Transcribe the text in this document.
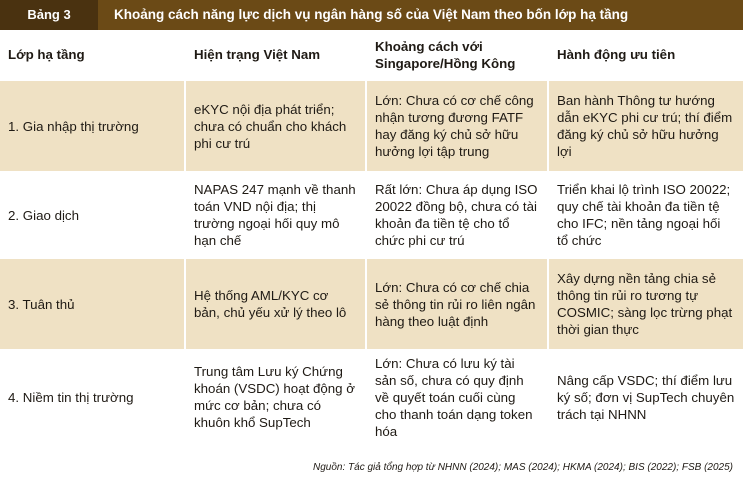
Bảng 3	Khoảng cách năng lực dịch vụ ngân hàng số của Việt Nam theo bốn lớp hạ tầng
Lớp hạ tầng	Hiện trạng Việt Nam	Khoảng cách với Singapore/Hồng Kông	Hành động ưu tiên
1. Gia nhập thị trường	eKYC nội địa phát triển; chưa có chuẩn cho khách phi cư trú	Lớn: Chưa có cơ chế công nhận tương đương FATF hay đăng ký chủ sở hữu hưởng lợi tập trung	Ban hành Thông tư hướng dẫn eKYC phi cư trú; thí điểm đăng ký chủ sở hữu hưởng lợi
2. Giao dịch	NAPAS 247 mạnh về thanh toán VND nội địa; thị trường ngoại hối quy mô hạn chế	Rất lớn: Chưa áp dụng ISO 20022 đồng bộ, chưa có tài khoản đa tiền tệ cho tổ chức phi cư trú	Triển khai lộ trình ISO 20022; quy chế tài khoản đa tiền tệ cho IFC; nền tảng ngoại hối tổ chức
3. Tuân thủ	Hệ thống AML/KYC cơ bản, chủ yếu xử lý theo lô	Lớn: Chưa có cơ chế chia sẻ thông tin rủi ro liên ngân hàng theo luật định	Xây dựng nền tảng chia sẻ thông tin rủi ro tương tự COSMIC; sàng lọc trừng phạt thời gian thực
4. Niềm tin thị trường	Trung tâm Lưu ký Chứng khoán (VSDC) hoạt động ở mức cơ bản; chưa có khuôn khổ SupTech	Lớn: Chưa có lưu ký tài sản số, chưa có quy định về quyết toán cuối cùng cho thanh toán dạng token hóa	Nâng cấp VSDC; thí điểm lưu ký số; đơn vị SupTech chuyên trách tại NHNN
Nguồn: Tác giả tổng hợp từ NHNN (2024); MAS (2024); HKMA (2024); BIS (2022); FSB (2025)
